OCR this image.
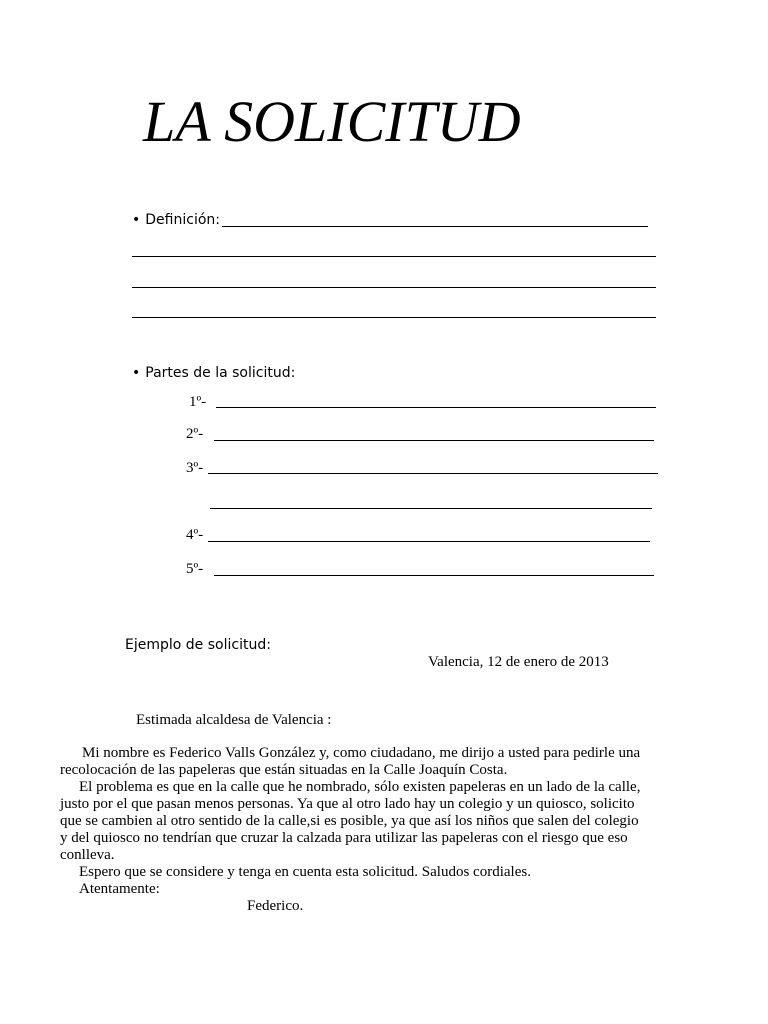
LA SOLICITUD
• Definición:
• Partes de la solicitud:
1º-
2º-
3º-
4º-
5º-
Ejemplo de solicitud:
Valencia, 12 de enero de 2013
Estimada alcaldesa de Valencia :
Mi nombre es Federico Valls González y, como ciudadano, me dirijo a usted para pedirle una
recolocación de las papeleras que están situadas en la Calle Joaquín Costa.
El problema es que en la calle que he nombrado, sólo existen papeleras en un lado de la calle,
justo por el que pasan menos personas. Ya que al otro lado hay un colegio y un quiosco, solicito
que se cambien al otro sentido de la calle,si es posible, ya que así los niños que salen del colegio
y del quiosco no tendrían que cruzar la calzada para utilizar las papeleras con el riesgo que eso
conlleva.
Espero que se considere y tenga en cuenta esta solicitud. Saludos cordiales.
Atentamente:
Federico.
